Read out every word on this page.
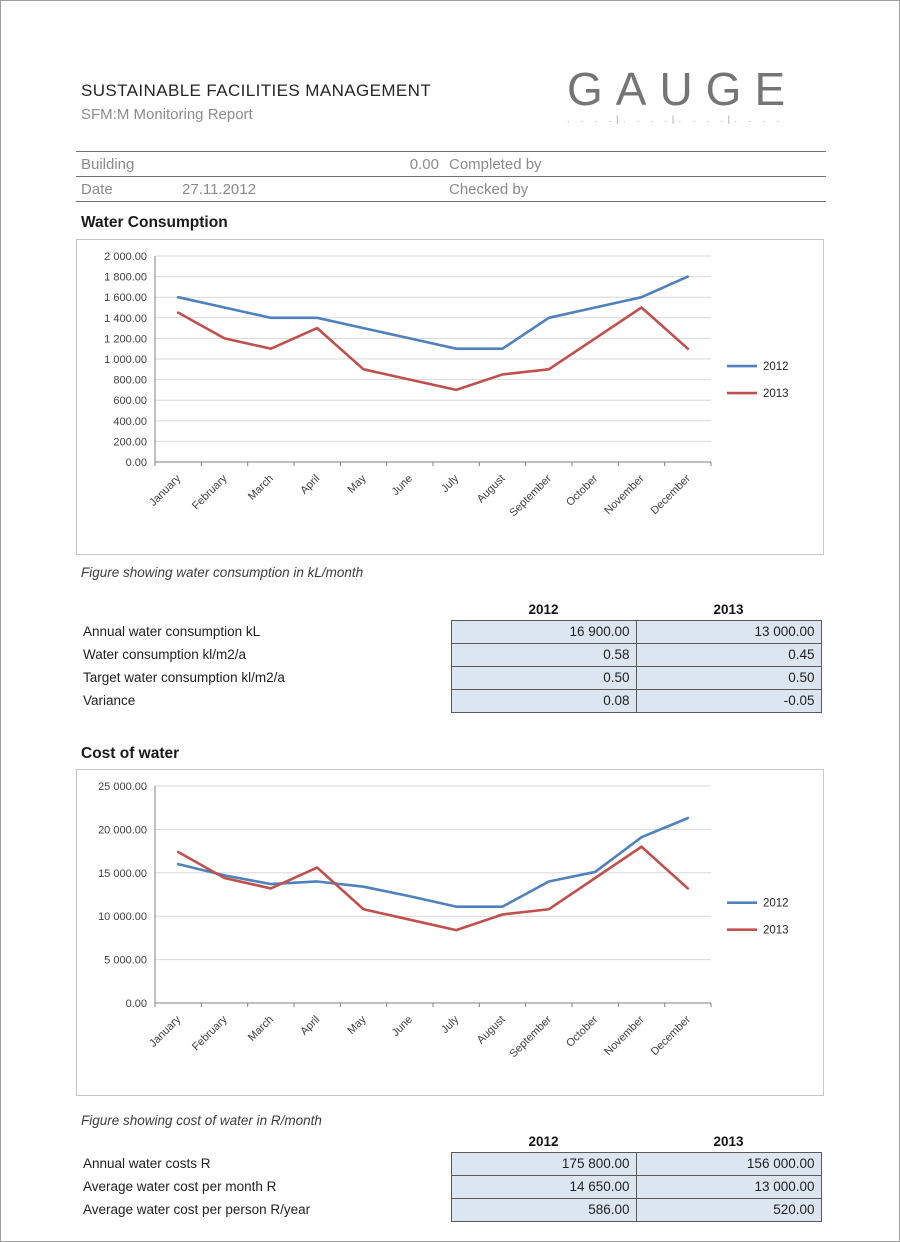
SUSTAINABLE FACILITIES MANAGEMENT
SFM:M Monitoring Report	GAUGE
. . . .|. . . .|. . . .|. . . .
Building	0.00 Completed by
Date	27.11.2012	Checked by
Water Consumption
0.00
200.00
400.00
600.00
800.00
1 000.00
1 200.00
1 400.00
1 600.00
1 800.00
2 000.00
January February March April May June July August September October November December
2012
2013
Figure showing water consumption in kL/month
	2012	2013
Annual water consumption kL	16 900.00	13 000.00
Water consumption kl/m2/a	0.58	0.45
Target water consumption kl/m2/a	0.50	0.50
Variance	0.08	-0.05
Cost of water
0.00
5 000.00
10 000.00
15 000.00
20 000.00
25 000.00
January February March April May June July August September October November December
2012
2013
Figure showing cost of water in R/month
	2012	2013
Annual water costs R	175 800.00	156 000.00
Average water cost per month R	14 650.00	13 000.00
Average water cost per person R/year	586.00	520.00
